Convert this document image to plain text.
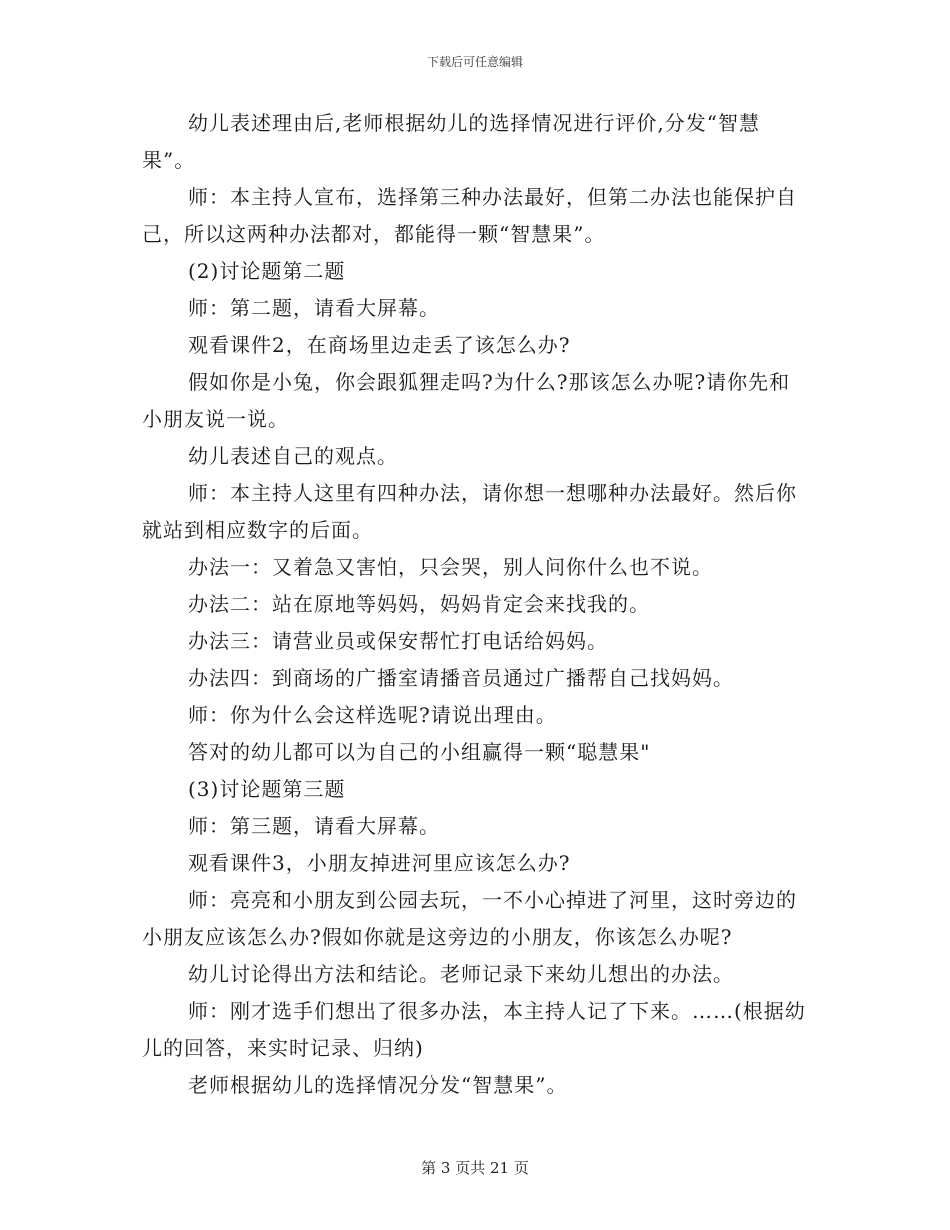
下载后可任意编辑

幼儿表述理由后,老师根据幼儿的选择情况进行评价,分发“智慧果”。

师：本主持人宣布，选择第三种办法最好，但第二办法也能保护自己，所以这两种办法都对，都能得一颗“智慧果”。

(2)讨论题第二题

师：第二题，请看大屏幕。

观看课件2，在商场里边走丢了该怎么办?

假如你是小兔，你会跟狐狸走吗?为什么?那该怎么办呢?请你先和小朋友说一说。

幼儿表述自己的观点。

师：本主持人这里有四种办法，请你想一想哪种办法最好。然后你就站到相应数字的后面。

办法一：又着急又害怕，只会哭，别人问你什么也不说。

办法二：站在原地等妈妈，妈妈肯定会来找我的。

办法三：请营业员或保安帮忙打电话给妈妈。

办法四：到商场的广播室请播音员通过广播帮自己找妈妈。

师：你为什么会这样选呢?请说出理由。

答对的幼儿都可以为自己的小组赢得一颗“聪慧果"

(3)讨论题第三题

师：第三题，请看大屏幕。

观看课件3，小朋友掉进河里应该怎么办?

师：亮亮和小朋友到公园去玩，一不小心掉进了河里，这时旁边的小朋友应该怎么办?假如你就是这旁边的小朋友，你该怎么办呢?

幼儿讨论得出方法和结论。老师记录下来幼儿想出的办法。

师：刚才选手们想出了很多办法，本主持人记了下来。……(根据幼儿的回答，来实时记录、归纳)

老师根据幼儿的选择情况分发“智慧果”。

第 3 页共 21 页
